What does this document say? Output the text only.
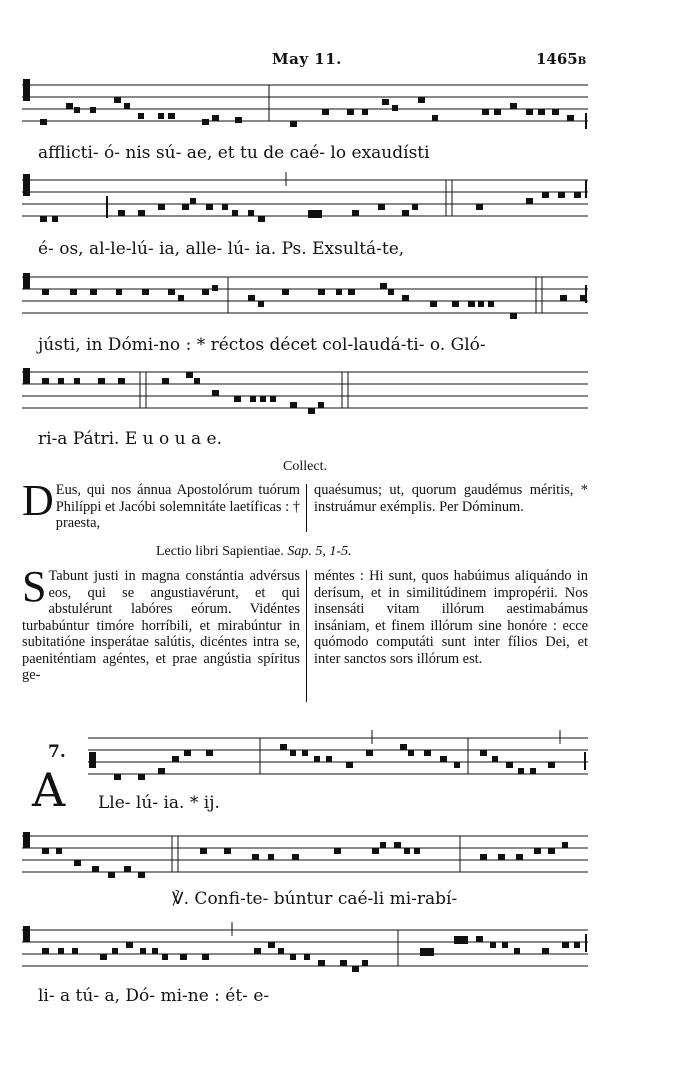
May 11.	1465B
afflicti- ó- nis sú- ae, et tu de caé- lo exaudísti
é- os, al-le-lú- ia, alle- lú- ia. Ps. Exsultá-te,
jústi, in Dómi-no : * réctos décet col-laudá-ti- o. Gló-
ri-a Pátri. E u o u a e.
Collect.
D Eus, qui nos ánnua Apostolórum tuórum Philíppi et Jacóbi solemnitáte laetíficas : † praesta,
quaésumus; ut, quorum gaudémus méritis, * instruámur exémplis. Per Dóminum.
Lectio libri Sapientiae. Sap. 5, 1-5.
S Tabunt justi in magna constántia advérsus eos, qui se angustiavérunt, et qui abstulérunt labóres eórum. Vidéntes turbabúntur timóre horríbili, et mirabúntur in subitatióne insperátae salútis, dicéntes intra se, paeniténtiam agéntes, et prae angústia spíritus ge-
méntes : Hi sunt, quos habúimus aliquándo in derísum, et in similitúdinem impropérii. Nos insensáti vitam illórum aestimabámus insániam, et finem illórum sine honóre : ecce quómodo computáti sunt inter fílios Dei, et inter sanctos sors illórum est.
7.
A Lle- lú- ia. * ij.
℣. Confi-te- búntur caé-li mi-rabí-
li- a tú- a, Dó- mi-ne : ét- e-
